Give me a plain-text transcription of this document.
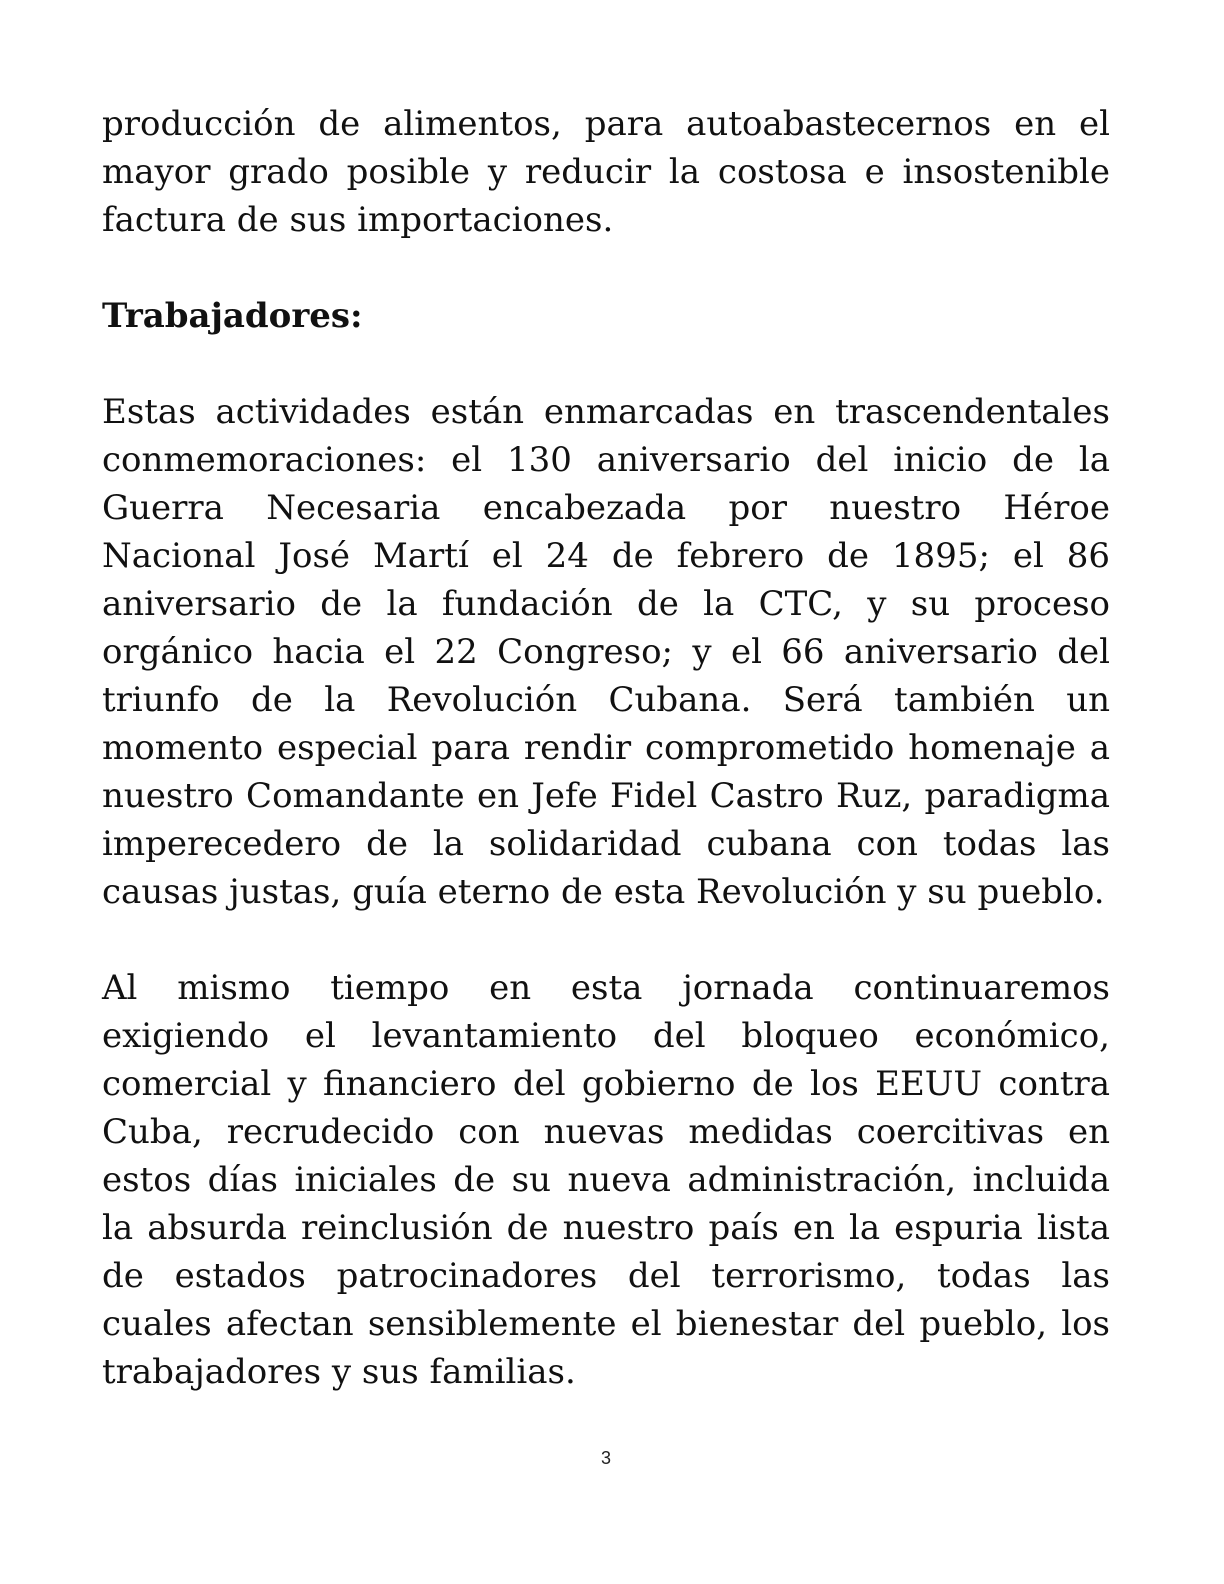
producción de alimentos, para autoabastecernos en el mayor grado posible y reducir la costosa e insostenible factura de sus importaciones.

Trabajadores:

Estas actividades están enmarcadas en trascendentales conmemoraciones: el 130 aniversario del inicio de la Guerra Necesaria encabezada por nuestro Héroe Nacional José Martí el 24 de febrero de 1895; el 86 aniversario de la fundación de la CTC, y su proceso orgánico hacia el 22 Congreso; y el 66 aniversario del triunfo de la Revolución Cubana. Será también un momento especial para rendir comprometido homenaje a nuestro Comandante en Jefe Fidel Castro Ruz, paradigma imperecedero de la solidaridad cubana con todas las causas justas, guía eterno de esta Revolución y su pueblo.

Al mismo tiempo en esta jornada continuaremos exigiendo el levantamiento del bloqueo económico, comercial y financiero del gobierno de los EEUU contra Cuba, recrudecido con nuevas medidas coercitivas en estos días iniciales de su nueva administración, incluida la absurda reinclusión de nuestro país en la espuria lista de estados patrocinadores del terrorismo, todas las cuales afectan sensiblemente el bienestar del pueblo, los trabajadores y sus familias.

3
